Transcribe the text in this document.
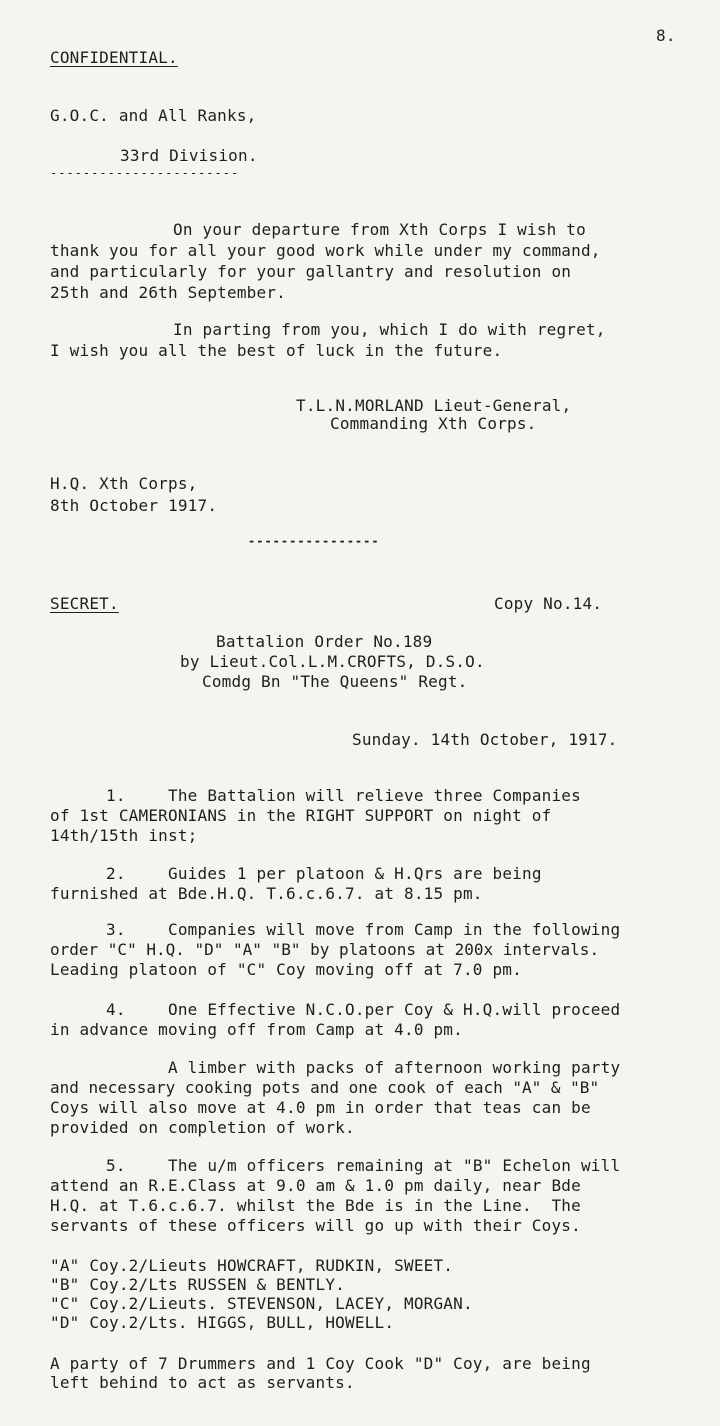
8.
CONFIDENTIAL.
G.O.C. and All Ranks,
33rd Division.
-----------------------
On your departure from Xth Corps I wish to
thank you for all your good work while under my command,
and particularly for your gallantry and resolution on
25th and 26th September.
In parting from you, which I do with regret,
I wish you all the best of luck in the future.
T.L.N.MORLAND Lieut-General,
Commanding Xth Corps.
H.Q. Xth Corps,
8th October 1917.
----------------
SECRET.	Copy No.14.
Battalion Order No.189
by Lieut.Col.L.M.CROFTS, D.S.O.
Comdg Bn "The Queens" Regt.
Sunday. 14th October, 1917.
1.	The Battalion will relieve three Companies
of 1st CAMERONIANS in the RIGHT SUPPORT on night of
14th/15th inst;
2.	Guides 1 per platoon & H.Qrs are being
furnished at Bde.H.Q. T.6.c.6.7. at 8.15 pm.
3.	Companies will move from Camp in the following
order "C" H.Q. "D" "A" "B" by platoons at 200x intervals.
Leading platoon of "C" Coy moving off at 7.0 pm.
4.	One Effective N.C.O.per Coy & H.Q.will proceed
in advance moving off from Camp at 4.0 pm.
A limber with packs of afternoon working party
and necessary cooking pots and one cook of each "A" & "B"
Coys will also move at 4.0 pm in order that teas can be
provided on completion of work.
5.	The u/m officers remaining at "B" Echelon will
attend an R.E.Class at 9.0 am & 1.0 pm daily, near Bde
H.Q. at T.6.c.6.7. whilst the Bde is in the Line.  The
servants of these officers will go up with their Coys.
"A" Coy.2/Lieuts HOWCRAFT, RUDKIN, SWEET.
"B" Coy.2/Lts RUSSEN & BENTLY.
"C" Coy.2/Lieuts. STEVENSON, LACEY, MORGAN.
"D" Coy.2/Lts. HIGGS, BULL, HOWELL.
A party of 7 Drummers and 1 Coy Cook "D" Coy, are being
left behind to act as servants.
